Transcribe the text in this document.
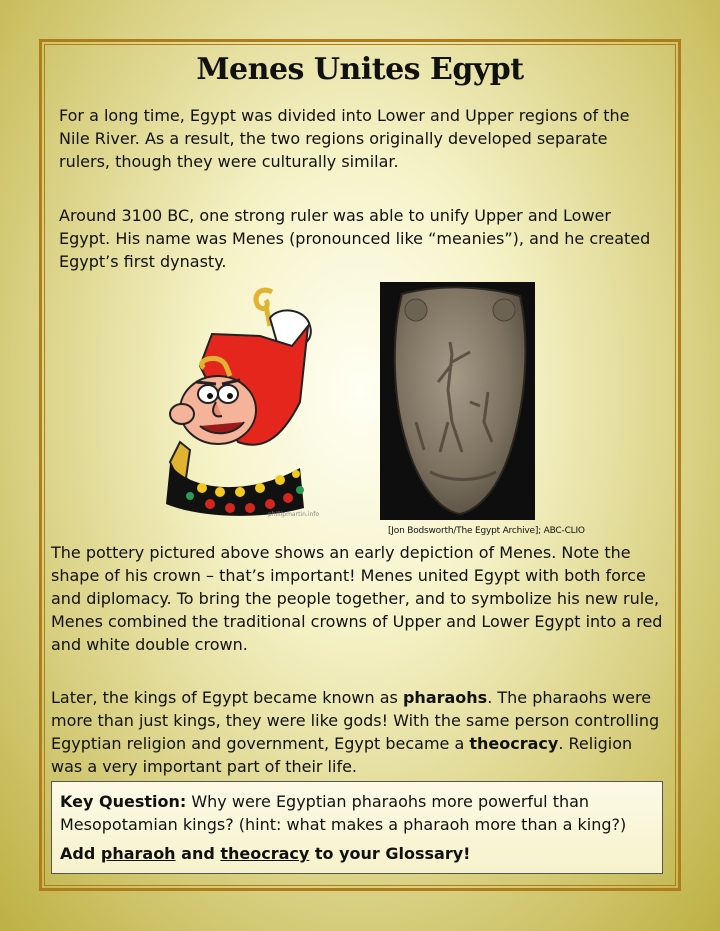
Menes Unites Egypt

For a long time, Egypt was divided into Lower and Upper regions of the Nile River. As a result, the two regions originally developed separate rulers, though they were culturally similar.

Around 3100 BC, one strong ruler was able to unify Upper and Lower Egypt. His name was Menes (pronounced like “meanies”), and he created Egypt’s first dynasty.

phillipmartin.info
[Jon Bodsworth/The Egypt Archive]; ABC-CLIO

The pottery pictured above shows an early depiction of Menes. Note the shape of his crown – that’s important! Menes united Egypt with both force and diplomacy. To bring the people together, and to symbolize his new rule, Menes combined the traditional crowns of Upper and Lower Egypt into a red and white double crown.

Later, the kings of Egypt became known as pharaohs. The pharaohs were more than just kings, they were like gods! With the same person controlling Egyptian religion and government, Egypt became a theocracy. Religion was a very important part of their life.

Key Question: Why were Egyptian pharaohs more powerful than Mesopotamian kings? (hint: what makes a pharaoh more than a king?)

Add pharaoh and theocracy to your Glossary!
